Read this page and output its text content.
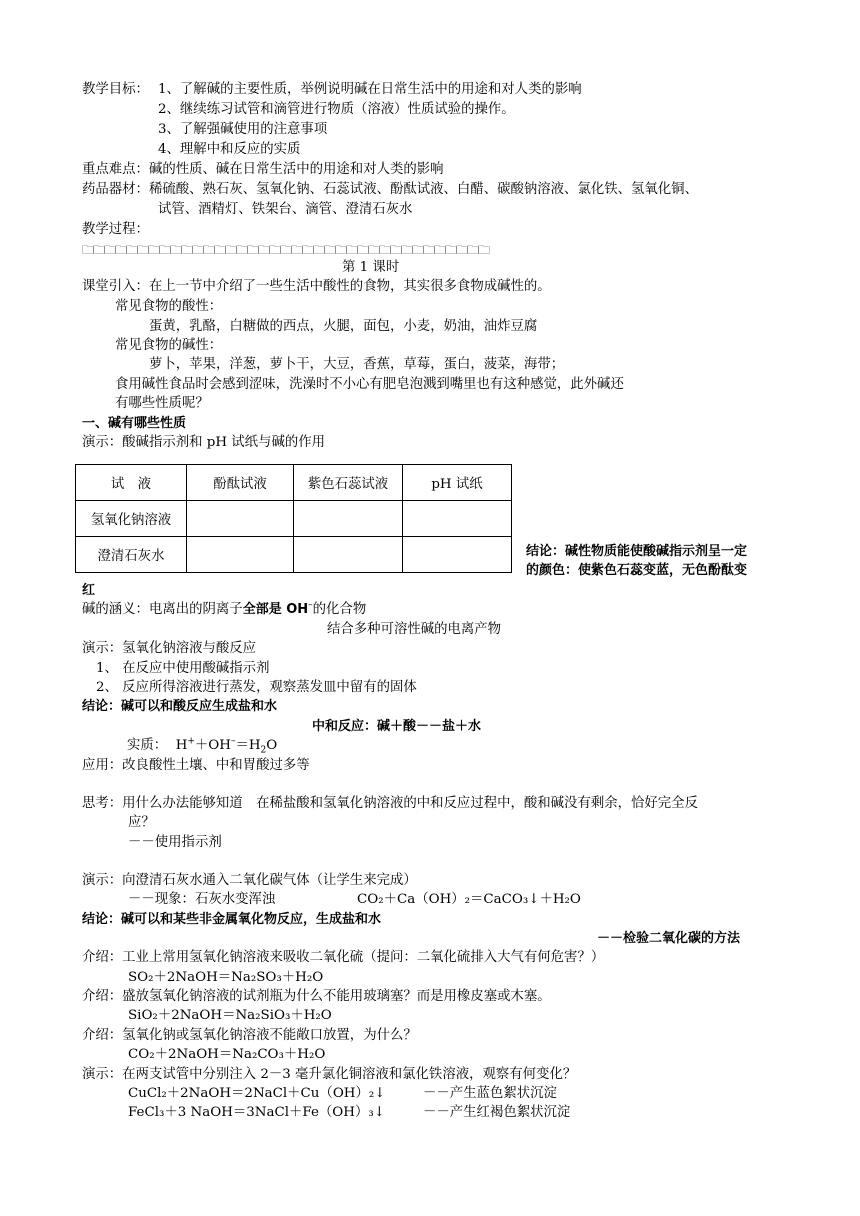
教学目标： 1、了解碱的主要性质，举例说明碱在日常生活中的用途和对人类的影响
2、继续练习试管和滴管进行物质（溶液）性质试验的操作。
3、了解强碱使用的注意事项
4、理解中和反应的实质
重点难点：碱的性质、碱在日常生活中的用途和对人类的影响
药品器材：稀硫酸、熟石灰、氢氧化钠、石蕊试液、酚酞试液、白醋、碳酸钠溶液、氯化铁、氢氧化铜、
试管、酒精灯、铁架台、滴管、澄清石灰水
教学过程：
🗀🗀🗀🗀🗀🗀🗀🗀🗀🗀🗀🗀🗀🗀🗀🗀🗀🗀🗀🗀🗀🗀🗀🗀🗀🗀🗀🗀🗀🗀🗀🗀🗀🗀🗀🗀🗀
第 1 课时
课堂引入：在上一节中介绍了一些生活中酸性的食物，其实很多食物成碱性的。
常见食物的酸性：
蛋黄，乳酪，白糖做的西点，火腿，面包，小麦，奶油，油炸豆腐
常见食物的碱性：
萝卜，苹果，洋葱，萝卜干，大豆，香蕉，草莓，蛋白，菠菜，海带；
食用碱性食品时会感到涩味，洗澡时不小心有肥皂泡溅到嘴里也有这种感觉，此外碱还
有哪些性质呢？
一、碱有哪些性质
演示：酸碱指示剂和 pH 试纸与碱的作用
试　液	酚酞试液	紫色石蕊试液	pH 试纸
氢氧化钠溶液			
澄清石灰水				结论：碱性物质能使酸碱指示剂呈一定
的颜色：使紫色石蕊变蓝，无色酚酞变
红
碱的涵义：电离出的阴离子全部是 OH–的化合物
结合多种可溶性碱的电离产物
演示：氢氧化钠溶液与酸反应
1、 在反应中使用酸碱指示剂
2、 反应所得溶液进行蒸发，观察蒸发皿中留有的固体
结论：碱可以和酸反应生成盐和水
中和反应：碱＋酸－－盐＋水
实质： $H^++OH^-=H_2O$
应用：改良酸性土壤、中和胃酸过多等
思考：用什么办法能够知道　在稀盐酸和氢氧化钠溶液的中和反应过程中，酸和碱没有剩余，恰好完全反
应？
－－使用指示剂
演示：向澄清石灰水通入二氧化碳气体（让学生来完成）
－－现象：石灰水变浑浊	CO₂＋Ca（OH）₂＝CaCO₃↓＋H₂O
结论：碱可以和某些非金属氧化物反应，生成盐和水
－－检验二氧化碳的方法
介绍：工业上常用氢氧化钠溶液来吸收二氧化硫（提问：二氧化硫排入大气有何危害？）
SO₂＋2NaOH＝Na₂SO₃＋H₂O
介绍：盛放氢氧化钠溶液的试剂瓶为什么不能用玻璃塞？而是用橡皮塞或木塞。
SiO₂＋2NaOH＝Na₂SiO₃＋H₂O
介绍：氢氧化钠或氢氧化钠溶液不能敞口放置，为什么？
CO₂＋2NaOH＝Na₂CO₃＋H₂O
演示：在两支试管中分别注入 2－3 毫升氯化铜溶液和氯化铁溶液，观察有何变化？
CuCl₂＋2NaOH＝2NaCl＋Cu（OH）₂↓	－－产生蓝色絮状沉淀
FeCl₃＋3 NaOH＝3NaCl＋Fe（OH）₃↓	－－产生红褐色絮状沉淀
